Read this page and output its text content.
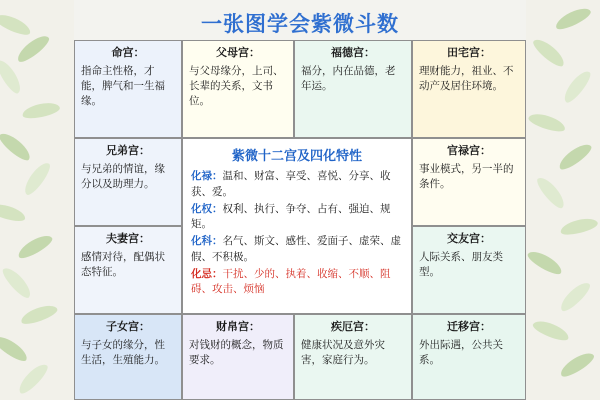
一张图学会紫微斗数
命宫：
指命主性格，才能，脾气和一生福缘。
父母宫：
与父母缘分，上司、长辈的关系，文书位。
福德宫：
福分，内在品德，老年运。
田宅宫：
理财能力，祖业、不动产及居住环境。
兄弟宫：
与兄弟的情谊，缘分以及助理力。
紫微十二宫及四化特性
化禄：温和、财富、享受、喜悦、分享、收获、爱。
化权：权利、执行、争夺、占有、强迫、规矩。
化科：名气、斯文、感性、爱面子、虚荣、虚假、不积极。
化忌：干扰、少的、执着、收缩、不顺、阻碍、攻击、烦恼
官禄宫：
事业模式，另一半的条件。
夫妻宫：
感情对待，配偶状态特征。
交友宫：
人际关系、朋友类型。
子女宫：
与子女的缘分，性生活，生殖能力。
财帛宫：
对钱财的概念，物质要求。
疾厄宫：
健康状况及意外灾害，家庭行为。
迁移宫：
外出际遇，公共关系。
